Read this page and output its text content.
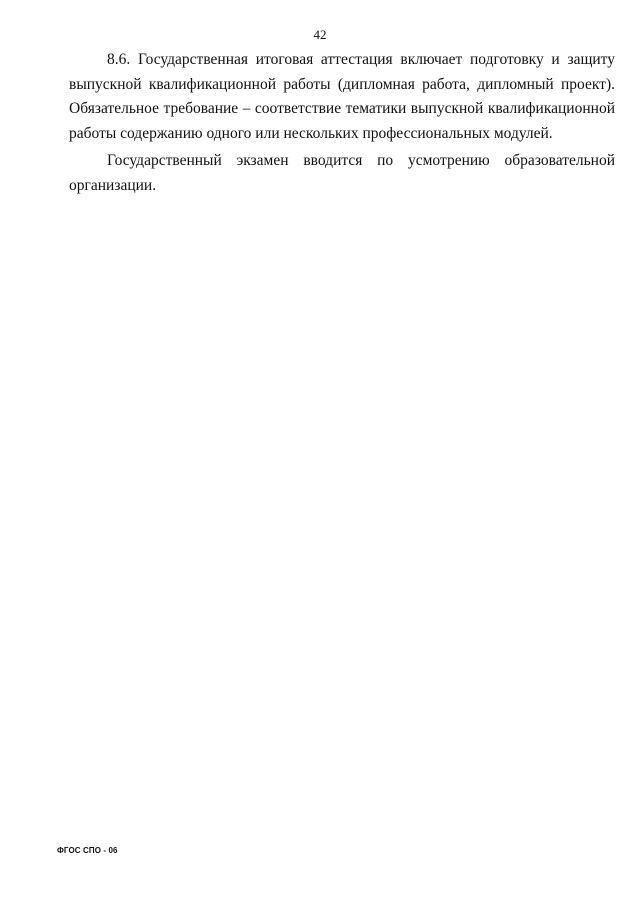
42

8.6. Государственная итоговая аттестация включает подготовку и защиту выпускной квалификационной работы (дипломная работа, дипломный проект). Обязательное требование – соответствие тематики выпускной квалификационной работы содержанию одного или нескольких профессиональных модулей.

Государственный экзамен вводится по усмотрению образовательной организации.

ФГОС СПО - 06
